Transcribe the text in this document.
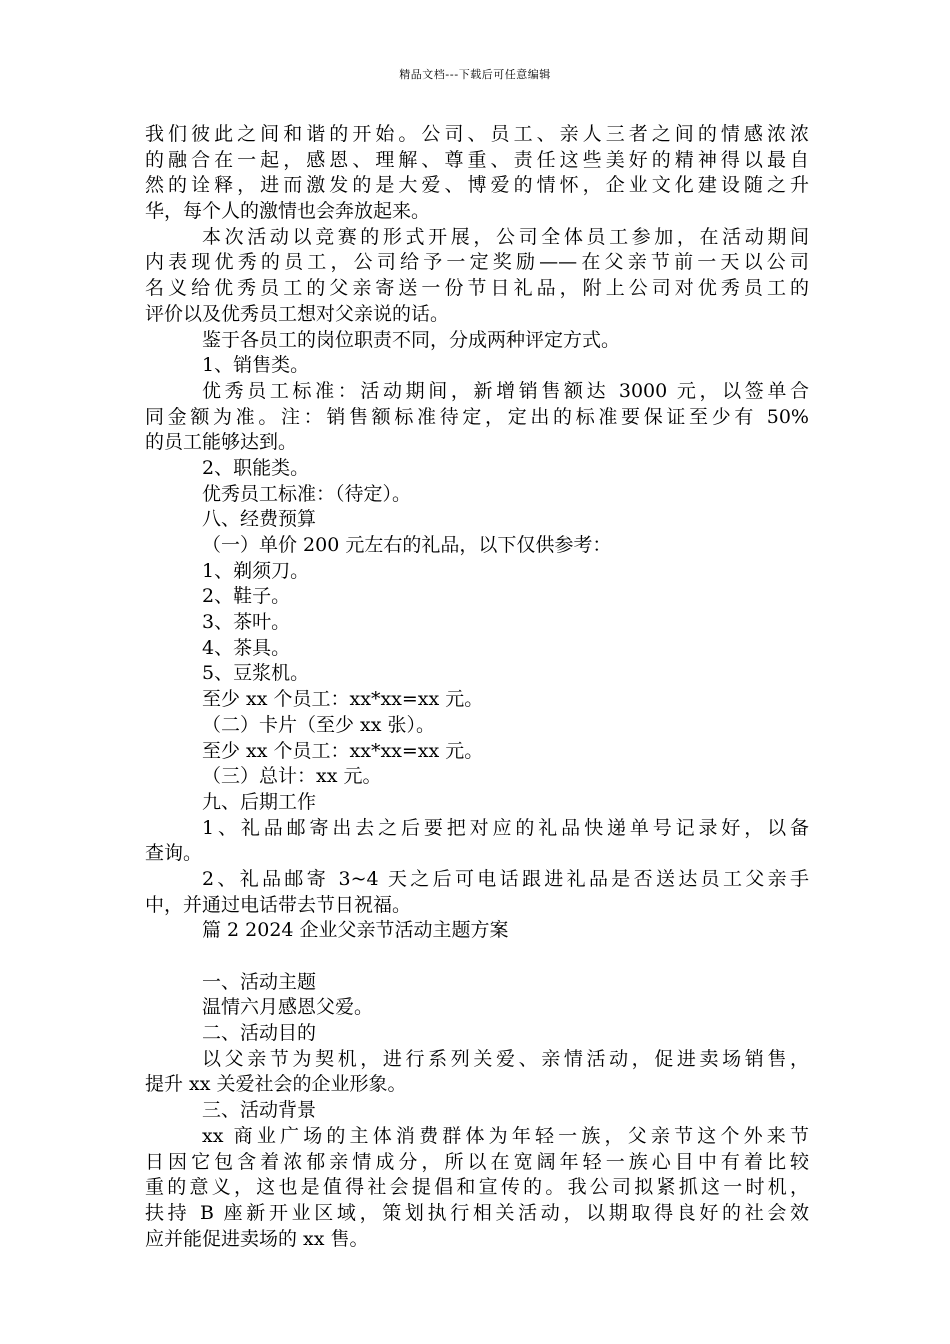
精品文档---下载后可任意编辑
我们彼此之间和谐的开始。公司、员工、亲人三者之间的情感浓浓
的融合在一起，感恩、理解、尊重、责任这些美好的精神得以最自
然的诠释，进而激发的是大爱、博爱的情怀，企业文化建设随之升
华，每个人的激情也会奔放起来。
本次活动以竞赛的形式开展，公司全体员工参加，在活动期间
内表现优秀的员工，公司给予一定奖励——在父亲节前一天以公司
名义给优秀员工的父亲寄送一份节日礼品，附上公司对优秀员工的
评价以及优秀员工想对父亲说的话。
鉴于各员工的岗位职责不同，分成两种评定方式。
1、销售类。
优秀员工标准：活动期间，新增销售额达 3000 元，以签单合
同金额为准。注：销售额标准待定，定出的标准要保证至少有 50%
的员工能够达到。
2、职能类。
优秀员工标准：（待定）。
八、经费预算
（一）单价 200 元左右的礼品，以下仅供参考：
1、剃须刀。
2、鞋子。
3、茶叶。
4、茶具。
5、豆浆机。
至少 xx 个员工：xx*xx=xx 元。
（二）卡片（至少 xx 张）。
至少 xx 个员工：xx*xx=xx 元。
（三）总计：xx 元。
九、后期工作
1、礼品邮寄出去之后要把对应的礼品快递单号记录好，以备
查询。
2、礼品邮寄 3~4 天之后可电话跟进礼品是否送达员工父亲手
中，并通过电话带去节日祝福。
篇 2 2024 企业父亲节活动主题方案
一、活动主题
温情六月感恩父爱。
二、活动目的
以父亲节为契机，进行系列关爱、亲情活动，促进卖场销售，
提升 xx 关爱社会的企业形象。
三、活动背景
xx 商业广场的主体消费群体为年轻一族，父亲节这个外来节
日因它包含着浓郁亲情成分，所以在宽阔年轻一族心目中有着比较
重的意义，这也是值得社会提倡和宣传的。我公司拟紧抓这一时机，
扶持 B 座新开业区域，策划执行相关活动，以期取得良好的社会效
应并能促进卖场的 xx 售。
